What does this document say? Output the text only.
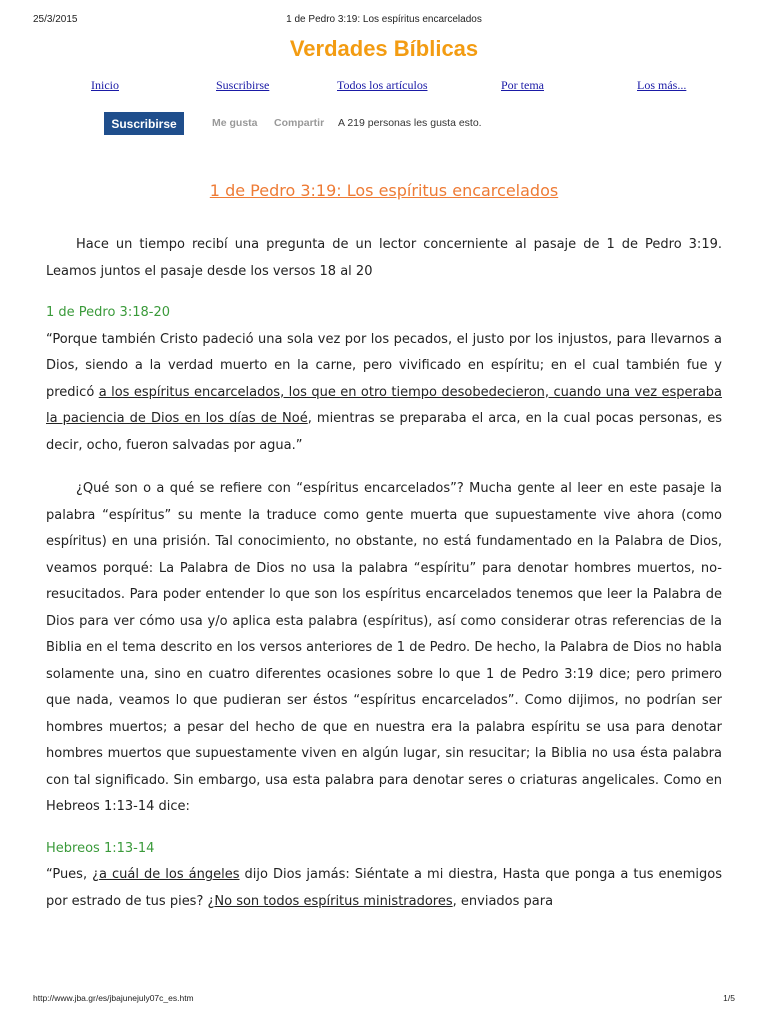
25/3/2015	1 de Pedro 3:19: Los espíritus encarcelados
Verdades Bíblicas
Inicio	Suscribirse	Todos los artículos	Por tema	Los más...
Suscribirse	Me gusta Compartir A 219 personas les gusta esto.
1 de Pedro 3:19: Los espíritus encarcelados

Hace un tiempo recibí una pregunta de un lector concerniente al pasaje de 1 de Pedro 3:19. Leamos juntos el pasaje desde los versos 18 al 20

1 de Pedro 3:18-20

“Porque también Cristo padeció una sola vez por los pecados, el justo por los injustos, para llevarnos a Dios, siendo a la verdad muerto en la carne, pero vivificado en espíritu; en el cual también fue y predicó a los espíritus encarcelados, los que en otro tiempo desobedecieron, cuando una vez esperaba la paciencia de Dios en los días de Noé, mientras se preparaba el arca, en la cual pocas personas, es decir, ocho, fueron salvadas por agua.”

¿Qué son o a qué se refiere con “espíritus encarcelados”? Mucha gente al leer en este pasaje la palabra “espíritus” su mente la traduce como gente muerta que supuestamente vive ahora (como espíritus) en una prisión. Tal conocimiento, no obstante, no está fundamentado en la Palabra de Dios, veamos porqué: La Palabra de Dios no usa la palabra “espíritu” para denotar hombres muertos, no-resucitados. Para poder entender lo que son los espíritus encarcelados tenemos que leer la Palabra de Dios para ver cómo usa y/o aplica esta palabra (espíritus), así como considerar otras referencias de la Biblia en el tema descrito en los versos anteriores de 1 de Pedro. De hecho, la Palabra de Dios no habla solamente una, sino en cuatro diferentes ocasiones sobre lo que 1 de Pedro 3:19 dice; pero primero que nada, veamos lo que pudieran ser éstos “espíritus encarcelados”. Como dijimos, no podrían ser hombres muertos; a pesar del hecho de que en nuestra era la palabra espíritu se usa para denotar hombres muertos que supuestamente viven en algún lugar, sin resucitar; la Biblia no usa ésta palabra con tal significado. Sin embargo, usa esta palabra para denotar seres o criaturas angelicales. Como en Hebreos 1:13-14 dice:

Hebreos 1:13-14

“Pues, ¿a cuál de los ángeles dijo Dios jamás: Siéntate a mi diestra, Hasta que ponga a tus enemigos por estrado de tus pies? ¿No son todos espíritus ministradores, enviados para

http://www.jba.gr/es/jbajunejuly07c_es.htm	1/5
